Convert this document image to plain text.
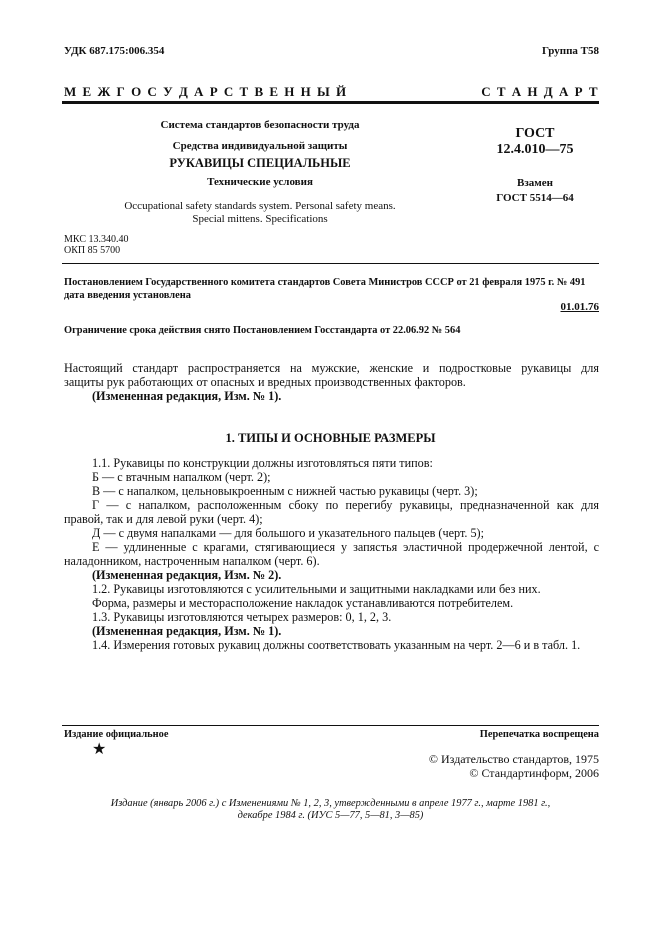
УДК 687.175:006.354	Группа Т58
М Е Ж Г О С У Д А Р С Т В Е Н Н Ы Й	С Т А Н Д А Р Т
Система стандартов безопасности труда
Средства индивидуальной защиты
РУКАВИЦЫ СПЕЦИАЛЬНЫЕ
Технические условия
Occupational safety standards system. Personal safety means.
Special mittens. Specifications
ГОСТ
12.4.010—75
Взамен
ГОСТ 5514—64
МКС 13.340.40
ОКП 85 5700
Постановлением Государственного комитета стандартов Совета Министров СССР от 21 февраля 1975 г. № 491
дата введения установлена
01.01.76
Ограничение срока действия снято Постановлением Госстандарта от 22.06.92 № 564
Настоящий стандарт распространяется на мужские, женские и подростковые рукавицы для
защиты рук работающих от опасных и вредных производственных факторов.
(Измененная редакция, Изм. № 1).
1. ТИПЫ И ОСНОВНЫЕ РАЗМЕРЫ
1.1. Рукавицы по конструкции должны изготовляться пяти типов:
Б — с втачным напалком (черт. 2);
В — с напалком, цельновыкроенным с нижней частью рукавицы (черт. 3);
Г — с напалком, расположенным сбоку по перегибу рукавицы, предназначенной как для
правой, так и для левой руки (черт. 4);
Д — с двумя напалками — для большого и указательного пальцев (черт. 5);
Е — удлиненные с крагами, стягивающиеся у запястья эластичной продержечной лентой, с
наладонником, настроченным напалком (черт. 6).
(Измененная редакция, Изм. № 2).
1.2. Рукавицы изготовляются с усилительными и защитными накладками или без них.
Форма, размеры и месторасположение накладок устанавливаются потребителем.
1.3. Рукавицы изготовляются четырех размеров: 0, 1, 2, 3.
(Измененная редакция, Изм. № 1).
1.4. Измерения готовых рукавиц должны соответствовать указанным на черт. 2—6 и в табл. 1.
Издание официальное	Перепечатка воспрещена
★
© Издательство стандартов, 1975
© Стандартинформ, 2006
Издание (январь 2006 г.) с Изменениями № 1, 2, 3, утвержденными в апреле 1977 г., марте 1981 г.,
декабре 1984 г. (ИУС 5—77, 5—81, 3—85)
